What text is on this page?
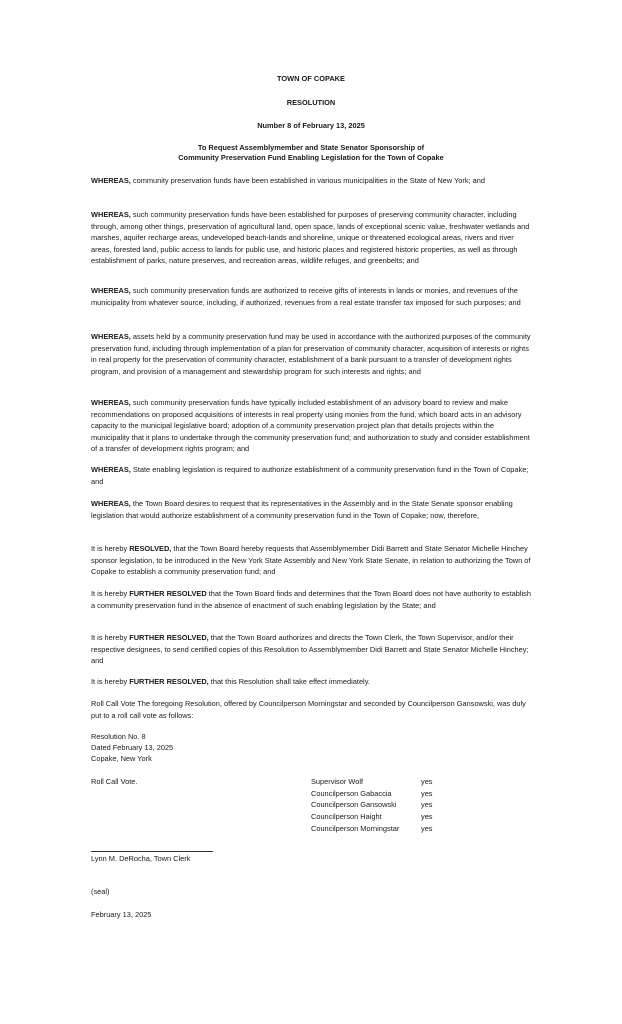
TOWN OF COPAKE

RESOLUTION

Number 8 of February 13, 2025

To Request Assemblymember and State Senator Sponsorship of

Community Preservation Fund Enabling Legislation for the Town of Copake

WHEREAS, community preservation funds have been established in various municipalities in the State of New York; and

WHEREAS, such community preservation funds have been established for purposes of preserving community character, including through, among other things, preservation of agricultural land, open space, lands of exceptional scenic value, freshwater wetlands and marshes, aquifer recharge areas, undeveloped beach-lands and shoreline, unique or threatened ecological areas, rivers and river areas, forested land, public access to lands for public use, and historic places and registered historic properties, as well as through establishment of parks, nature preserves, and recreation areas, wildlife refuges, and greenbelts; and

WHEREAS, such community preservation funds are authorized to receive gifts of interests in lands or monies, and revenues of the municipality from whatever source, including, if authorized, revenues from a real estate transfer tax imposed for such purposes; and

WHEREAS, assets held by a community preservation fund may be used in accordance with the authorized purposes of the community preservation fund, including through implementation of a plan for preservation of community character, acquisition of interests or rights in real property for the preservation of community character, establishment of a bank pursuant to a transfer of development rights program, and provision of a management and stewardship program for such interests and rights; and

WHEREAS, such community preservation funds have typically included establishment of an advisory board to review and make recommendations on proposed acquisitions of interests in real property using monies from the fund, which board acts in an advisory capacity to the municipal legislative board; adoption of a community preservation project plan that details projects within the municipality that it plans to undertake through the community preservation fund; and authorization to study and consider establishment of a transfer of development rights program; and

WHEREAS, State enabling legislation is required to authorize establishment of a community preservation fund in the Town of Copake; and

WHEREAS, the Town Board desires to request that its representatives in the Assembly and in the State Senate sponsor enabling legislation that would authorize establishment of a community preservation fund in the Town of Copake; now, therefore,

It is hereby RESOLVED, that the Town Board hereby requests that Assemblymember Didi Barrett and State Senator Michelle Hinchey sponsor legislation, to be introduced in the New York State Assembly and New York State Senate, in relation to authorizing the Town of Copake to establish a community preservation fund; and

It is hereby FURTHER RESOLVED that the Town Board finds and determines that the Town Board does not have authority to establish a community preservation fund in the absence of enactment of such enabling legislation by the State; and

It is hereby FURTHER RESOLVED, that the Town Board authorizes and directs the Town Clerk, the Town Supervisor, and/or their respective designees, to send certified copies of this Resolution to Assemblymember Didi Barrett and State Senator Michelle Hinchey; and

It is hereby FURTHER RESOLVED, that this Resolution shall take effect immediately.

Roll Call Vote The foregoing Resolution, offered by Councilperson Morningstar and seconded by Councilperson Gansowski, was duly put to a roll call vote as follows:

Resolution No. 8

Dated February 13, 2025

Copake, New York

Roll Call Vote.	Supervisor Wolf	yes
Councilperson Gabaccia	yes
Councilperson Gansowski	yes
Councilperson Haight	yes
Councilperson Morningstar	yes

Lynn M. DeRocha, Town Clerk

(seal)

February 13, 2025
